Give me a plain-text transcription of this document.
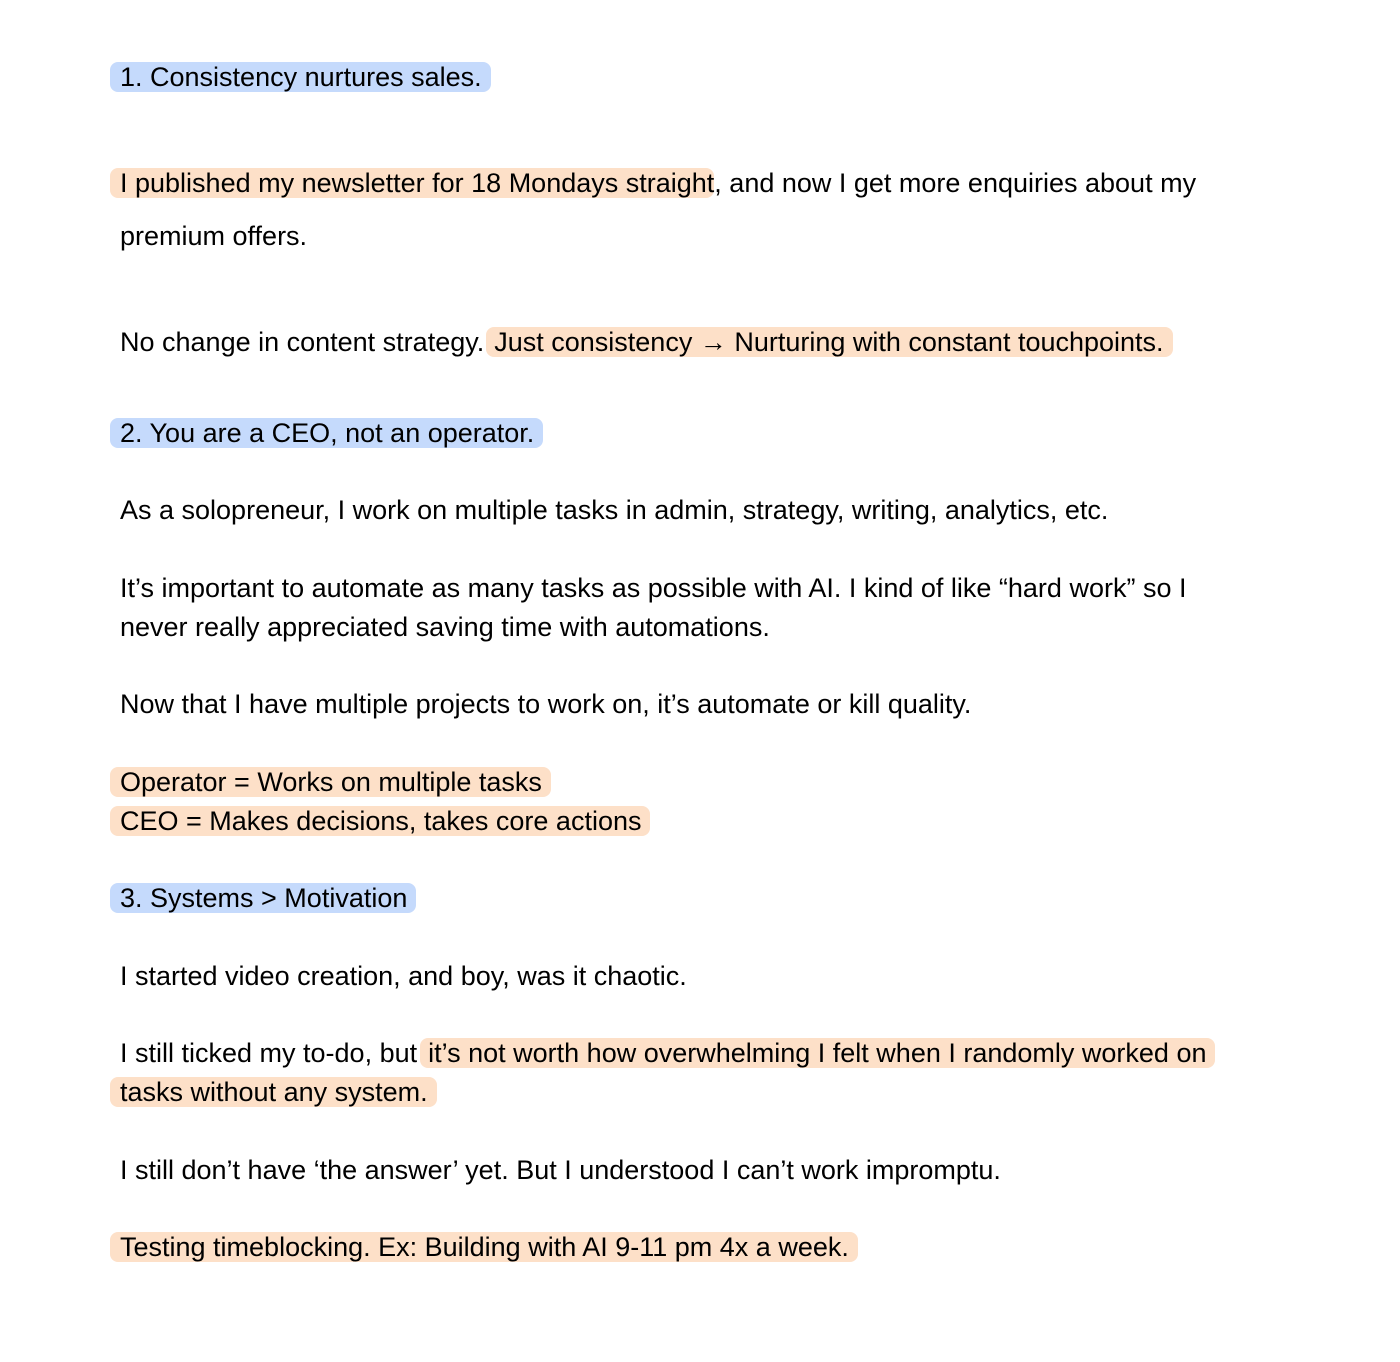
1. Consistency nurtures sales.
I published my newsletter for 18 Mondays straight, and now I get more enquiries about my
premium offers.
No change in content strategy. Just consistency → Nurturing with constant touchpoints.
2. You are a CEO, not an operator.
As a solopreneur, I work on multiple tasks in admin, strategy, writing, analytics, etc.
It’s important to automate as many tasks as possible with AI. I kind of like “hard work” so I
never really appreciated saving time with automations.
Now that I have multiple projects to work on, it’s automate or kill quality.
Operator = Works on multiple tasks
CEO = Makes decisions, takes core actions
3. Systems > Motivation
I started video creation, and boy, was it chaotic.
I still ticked my to-do, but it’s not worth how overwhelming I felt when I randomly worked on
tasks without any system.
I still don’t have ‘the answer’ yet. But I understood I can’t work impromptu.
Testing timeblocking. Ex: Building with AI 9-11 pm 4x a week.
